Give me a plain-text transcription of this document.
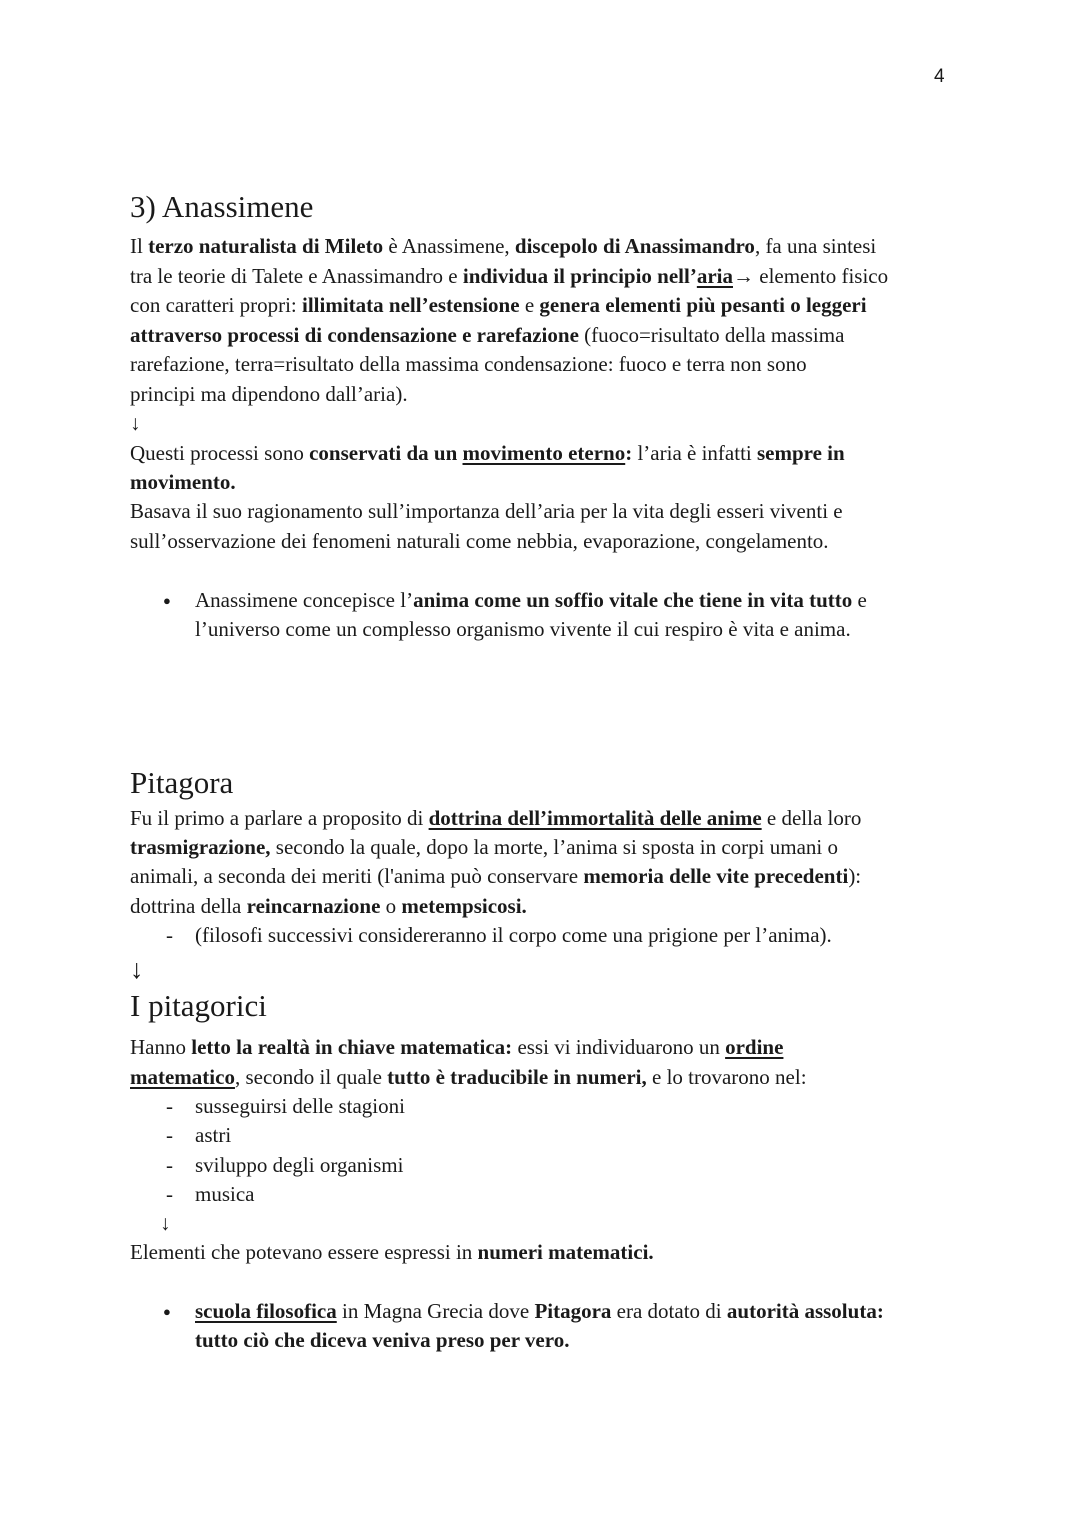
4
3) Anassimene
Il terzo naturalista di Mileto è Anassimene, discepolo di Anassimandro, fa una sintesi
tra le teorie di Talete e Anassimandro e individua il principio nell’aria→ elemento fisico
con caratteri propri: illimitata nell’estensione e genera elementi più pesanti o leggeri
attraverso processi di condensazione e rarefazione (fuoco=risultato della massima
rarefazione, terra=risultato della massima condensazione: fuoco e terra non sono
principi ma dipendono dall’aria).
↓
Questi processi sono conservati da un movimento eterno: l’aria è infatti sempre in
movimento.
Basava il suo ragionamento sull’importanza dell’aria per la vita degli esseri viventi e
sull’osservazione dei fenomeni naturali come nebbia, evaporazione, congelamento.
Anassimene concepisce l’anima come un soffio vitale che tiene in vita tutto e
●
l’universo come un complesso organismo vivente il cui respiro è vita e anima.
Pitagora
Fu il primo a parlare a proposito di dottrina dell’immortalità delle anime e della loro
trasmigrazione, secondo la quale, dopo la morte, l’anima si sposta in corpi umani o
animali, a seconda dei meriti (l'anima può conservare memoria delle vite precedenti):
dottrina della reincarnazione o metempsicosi.
(filosofi successivi considereranno il corpo come una prigione per l’anima).
-
↓
I pitagorici
Hanno letto la realtà in chiave matematica: essi vi individuarono un ordine
matematico, secondo il quale tutto è traducibile in numeri, e lo trovarono nel:
susseguirsi delle stagioni
-
astri
-
sviluppo degli organismi
-
musica
-
↓
Elementi che potevano essere espressi in numeri matematici.
scuola filosofica in Magna Grecia dove Pitagora era dotato di autorità assoluta:
●
tutto ciò che diceva veniva preso per vero.
